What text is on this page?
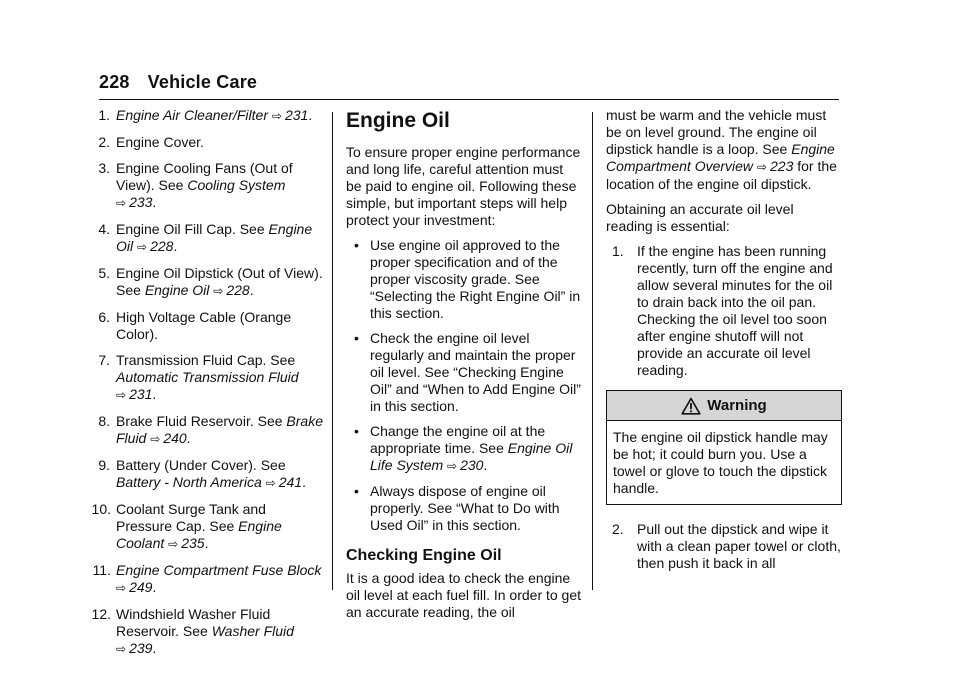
228 Vehicle Care
1. Engine Air Cleaner/Filter ⇨ 231.
2. Engine Cover.
3. Engine Cooling Fans (Out of View). See Cooling System ⇨ 233.
4. Engine Oil Fill Cap. See Engine Oil ⇨ 228.
5. Engine Oil Dipstick (Out of View). See Engine Oil ⇨ 228.
6. High Voltage Cable (Orange Color).
7. Transmission Fluid Cap. See Automatic Transmission Fluid ⇨ 231.
8. Brake Fluid Reservoir. See Brake Fluid ⇨ 240.
9. Battery (Under Cover). See Battery - North America ⇨ 241.
10. Coolant Surge Tank and Pressure Cap. See Engine Coolant ⇨ 235.
11. Engine Compartment Fuse Block ⇨ 249.
12. Windshield Washer Fluid Reservoir. See Washer Fluid ⇨ 239.
Engine Oil

To ensure proper engine performance and long life, careful attention must be paid to engine oil. Following these simple, but important steps will help protect your investment:

• Use engine oil approved to the proper specification and of the proper viscosity grade. See “Selecting the Right Engine Oil” in this section.
• Check the engine oil level regularly and maintain the proper oil level. See “Checking Engine Oil” and “When to Add Engine Oil” in this section.
• Change the engine oil at the appropriate time. See Engine Oil Life System ⇨ 230.
• Always dispose of engine oil properly. See “What to Do with Used Oil” in this section.
Checking Engine Oil

It is a good idea to check the engine oil level at each fuel fill. In order to get an accurate reading, the oil

must be warm and the vehicle must be on level ground. The engine oil dipstick handle is a loop. See Engine Compartment Overview ⇨ 223 for the location of the engine oil dipstick.

Obtaining an accurate oil level reading is essential:

1. If the engine has been running recently, turn off the engine and allow several minutes for the oil to drain back into the oil pan. Checking the oil level too soon after engine shutoff will not provide an accurate oil level reading.
Warning
The engine oil dipstick handle may be hot; it could burn you. Use a towel or glove to touch the dipstick handle.
2. Pull out the dipstick and wipe it with a clean paper towel or cloth, then push it back in all
